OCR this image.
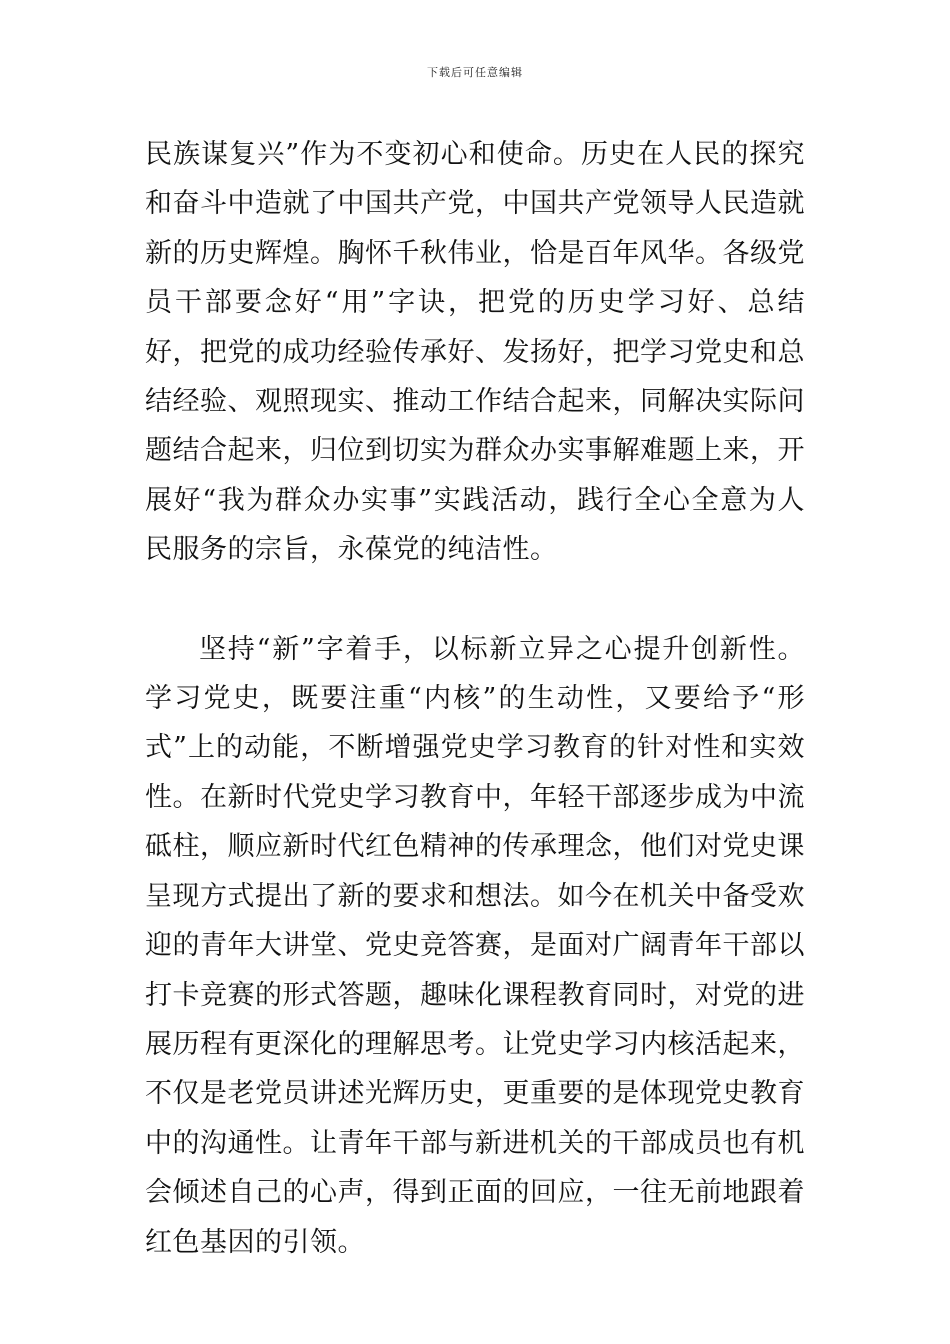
下载后可任意编辑

民族谋复兴”作为不变初心和使命。历史在人民的探究和奋斗中造就了中国共产党，中国共产党领导人民造就新的历史辉煌。胸怀千秋伟业，恰是百年风华。各级党员干部要念好“用”字诀，把党的历史学习好、总结好，把党的成功经验传承好、发扬好，把学习党史和总结经验、观照现实、推动工作结合起来，同解决实际问题结合起来，归位到切实为群众办实事解难题上来，开展好“我为群众办实事”实践活动，践行全心全意为人民服务的宗旨，永葆党的纯洁性。

坚持“新”字着手，以标新立异之心提升创新性。学习党史，既要注重“内核”的生动性，又要给予“形式”上的动能，不断增强党史学习教育的针对性和实效性。在新时代党史学习教育中，年轻干部逐步成为中流砥柱，顺应新时代红色精神的传承理念，他们对党史课呈现方式提出了新的要求和想法。如今在机关中备受欢迎的青年大讲堂、党史竞答赛，是面对广阔青年干部以打卡竞赛的形式答题，趣味化课程教育同时，对党的进展历程有更深化的理解思考。让党史学习内核活起来，不仅是老党员讲述光辉历史，更重要的是体现党史教育中的沟通性。让青年干部与新进机关的干部成员也有机会倾述自己的心声，得到正面的回应，一往无前地跟着红色基因的引领。
